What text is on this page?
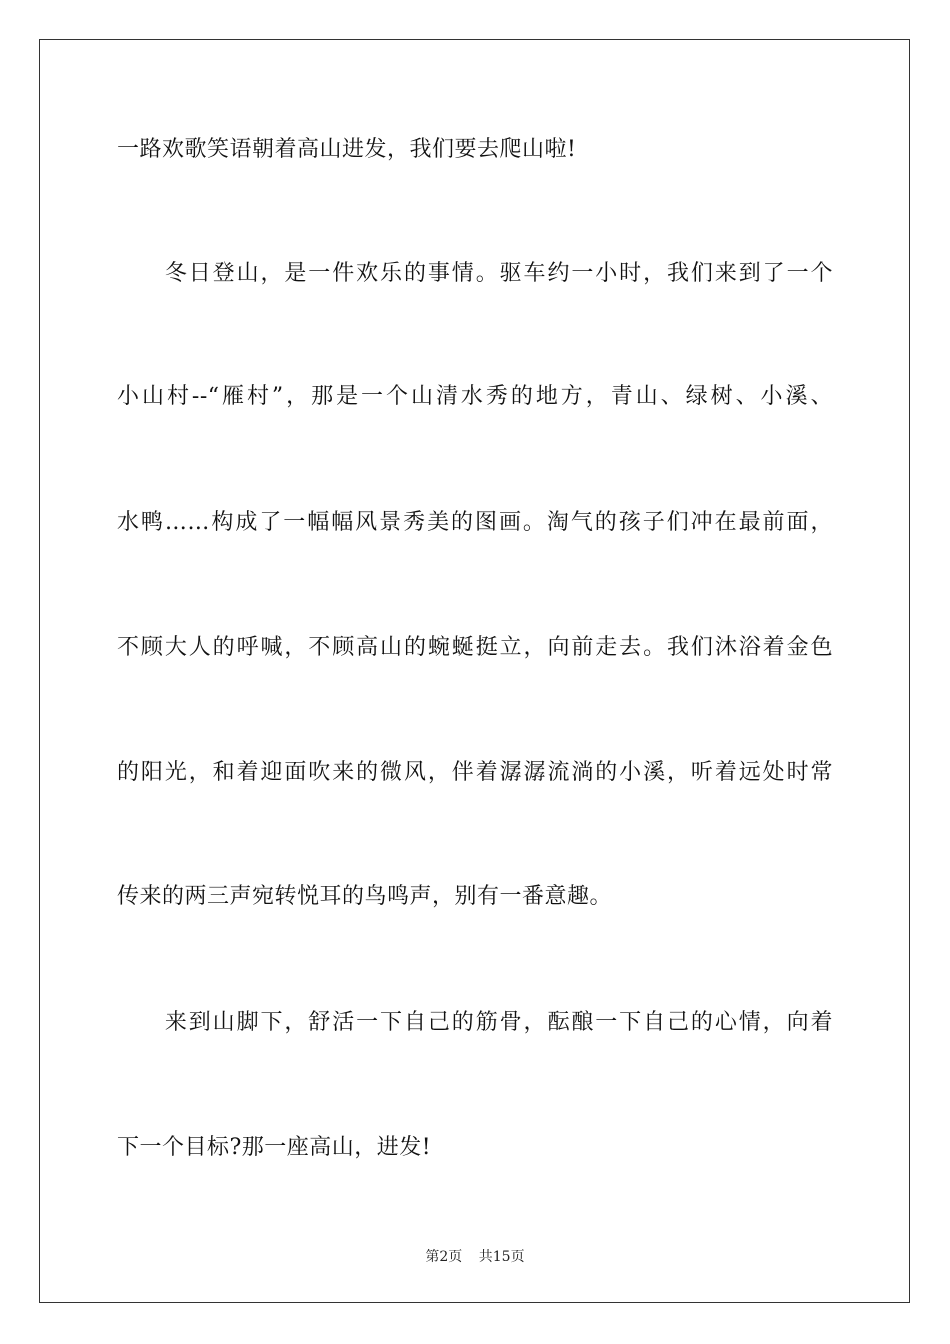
一路欢歌笑语朝着高山进发，我们要去爬山啦!
　　冬日登山，是一件欢乐的事情。驱车约一小时，我们来到了一个
小山村--“雁村”，那是一个山清水秀的地方，青山、绿树、小溪、
水鸭……构成了一幅幅风景秀美的图画。淘气的孩子们冲在最前面，
不顾大人的呼喊，不顾高山的蜿蜒挺立，向前走去。我们沐浴着金色
的阳光，和着迎面吹来的微风，伴着潺潺流淌的小溪，听着远处时常
传来的两三声宛转悦耳的鸟鸣声，别有一番意趣。
　　来到山脚下，舒活一下自己的筋骨，酝酿一下自己的心情，向着
下一个目标?那一座高山，进发!
第2页 共15页
